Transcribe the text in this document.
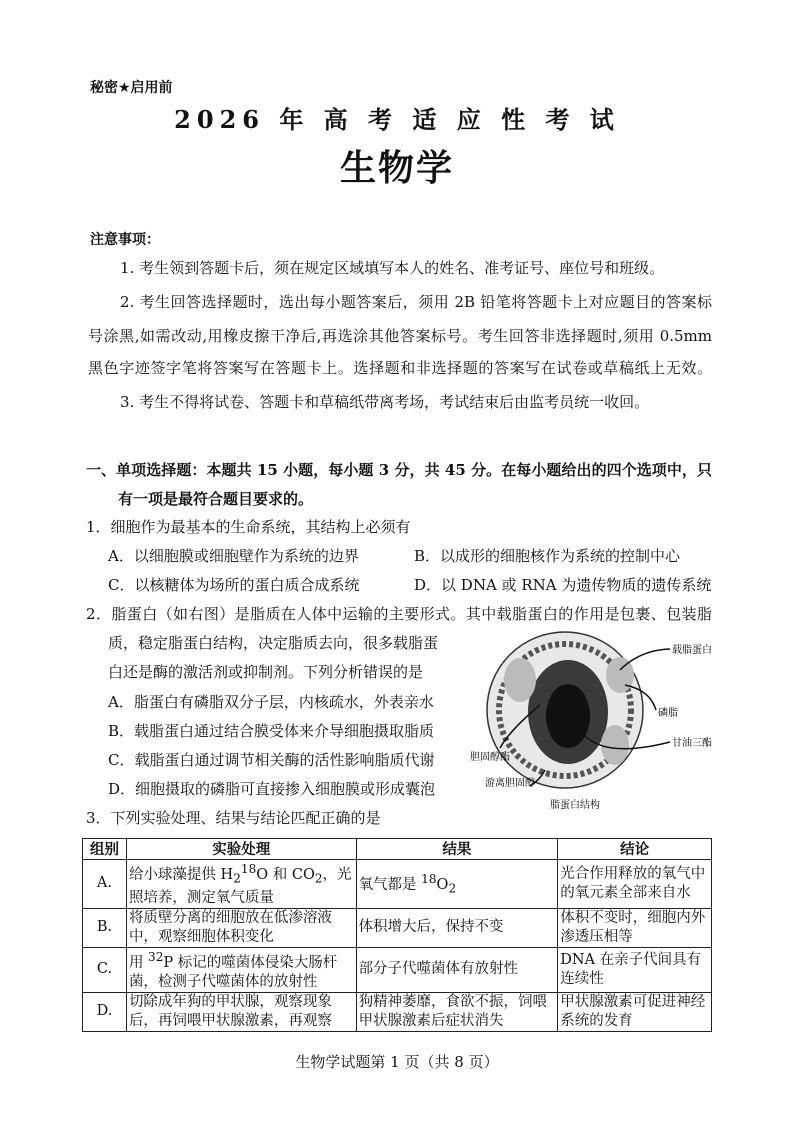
秘密★启用前
2026 年 高 考 适 应 性 考 试
生物学
注意事项：
1. 考生领到答题卡后，须在规定区域填写本人的姓名、准考证号、座位号和班级。
2. 考生回答选择题时，选出每小题答案后，须用 2B 铅笔将答题卡上对应题目的答案标
号涂黑,如需改动,用橡皮擦干净后,再选涂其他答案标号。考生回答非选择题时,须用 0.5mm
黑色字迹签字笔将答案写在答题卡上。选择题和非选择题的答案写在试卷或草稿纸上无效。
3. 考生不得将试卷、答题卡和草稿纸带离考场，考试结束后由监考员统一收回。
一、单项选择题：本题共 15 小题，每小题 3 分，共 45 分。在每小题给出的四个选项中，只
有一项是最符合题目要求的。
1．细胞作为最基本的生命系统，其结构上必须有
A．以细胞膜或细胞壁作为系统的边界	B．以成形的细胞核作为系统的控制中心
C．以核糖体为场所的蛋白质合成系统	D．以 DNA 或 RNA 为遗传物质的遗传系统
2．脂蛋白（如右图）是脂质在人体中运输的主要形式。其中载脂蛋白的作用是包裹、包装脂
质，稳定脂蛋白结构，决定脂质去向，很多载脂蛋
白还是酶的激活剂或抑制剂。下列分析错误的是
A．脂蛋白有磷脂双分子层，内核疏水，外表亲水
B．载脂蛋白通过结合膜受体来介导细胞摄取脂质
C．载脂蛋白通过调节相关酶的活性影响脂质代谢
D．细胞摄取的磷脂可直接掺入细胞膜或形成囊泡
载脂蛋白
磷脂
胆固醇酯
甘油三酯
游离胆固醇
脂蛋白结构
3．下列实验处理、结果与结论匹配正确的是
组别	实验处理	结果	结论
A.	给小球藻提供 $H_2^{18}O$ 和 $CO_2$，光照培养，测定氧气质量	氧气都是 $^{18}O_2$	光合作用释放的氧气中的氧元素全部来自水
B.	将质壁分离的细胞放在低渗溶液中，观察细胞体积变化	体积增大后，保持不变	体积不变时，细胞内外渗透压相等
C.	用 $^{32}$P 标记的噬菌体侵染大肠杆菌，检测子代噬菌体的放射性	部分子代噬菌体有放射性	DNA 在亲子代间具有连续性
D.	切除成年狗的甲状腺，观察现象后，再饲喂甲状腺激素，再观察	狗精神萎靡，食欲不振，饲喂甲状腺激素后症状消失	甲状腺激素可促进神经系统的发育
生物学试题第 1 页（共 8 页）
